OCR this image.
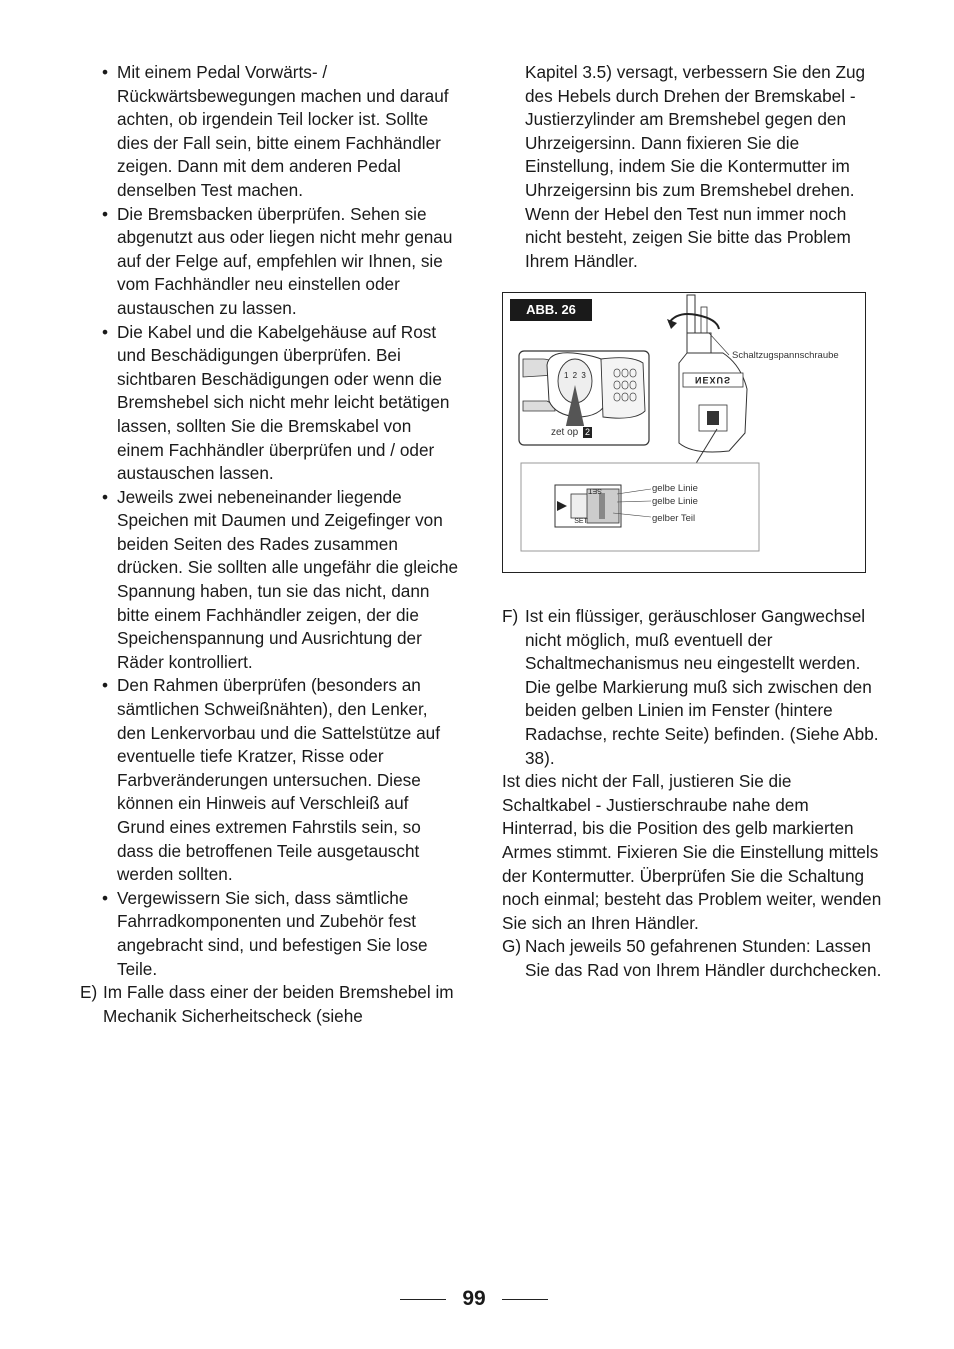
• Mit einem Pedal Vorwärts- / Rückwärtsbewegungen machen und darauf achten, ob irgendein Teil locker ist. Sollte dies der Fall sein, bitte einem Fachhändler zeigen. Dann mit dem anderen Pedal denselben Test machen.
• Die Bremsbacken überprüfen. Sehen sie abgenutzt aus oder liegen nicht mehr genau auf der Felge auf, empfehlen wir Ihnen, sie vom Fachhändler neu einstellen oder austauschen zu lassen.
• Die Kabel und die Kabelgehäuse auf Rost und Beschädigungen überprüfen. Bei sichtbaren Beschädigungen oder wenn die Bremshebel sich nicht mehr leicht betätigen lassen, sollten Sie die Bremskabel von einem Fachhändler überprüfen und / oder austauschen lassen.
• Jeweils zwei nebeneinander liegende Speichen mit Daumen und Zeigefinger von beiden Seiten des Rades zusammen drücken. Sie sollten alle ungefähr die gleiche Spannung haben, tun sie das nicht, dann bitte einem Fachhändler zeigen, der die Speichenspannung und Ausrichtung der Räder kontrolliert.
• Den Rahmen überprüfen (besonders an sämtlichen Schweißnähten), den Lenker, den Lenkervorbau und die Sattelstütze auf eventuelle tiefe Kratzer, Risse oder Farbveränderungen untersuchen. Diese können ein Hinweis auf Verschleiß auf Grund eines extremen Fahrstils sein, so dass die betroffenen Teile ausgetauscht werden sollten.
• Vergewissern Sie sich, dass sämtliche Fahrradkomponenten und Zubehör fest angebracht sind, und befestigen Sie lose Teile.
E) Im Falle dass einer der beiden Bremshebel im Mechanik Sicherheitscheck (siehe
Kapitel 3.5) versagt, verbessern Sie den Zug des Hebels durch Drehen der Bremskabel - Justierzylinder am Bremshebel gegen den Uhrzeigersinn. Dann fixieren Sie die Einstellung, indem Sie die Kontermutter im Uhrzeigersinn bis zum Bremshebel drehen. Wenn der Hebel den Test nun immer noch nicht besteht, zeigen Sie bitte das Problem Ihrem Händler.
ABB. 26
Schaltzugspannschraube
zet op 2
1 2 3	NEXUS
SET
SET
gelbe Linie
gelbe Linie
gelber Teil
F) Ist ein flüssiger, geräuschloser Gangwechsel nicht möglich, muß eventuell der Schaltmechanismus neu eingestellt werden.
Die gelbe Markierung muß sich zwischen den beiden gelben Linien im Fenster (hintere Radachse, rechte Seite) befinden. (Siehe Abb. 38).
Ist dies nicht der Fall, justieren Sie die Schaltkabel - Justierschraube nahe dem Hinterrad, bis die Position des gelb markierten Armes stimmt. Fixieren Sie die Einstellung mittels der Kontermutter. Überprüfen Sie die Schaltung noch einmal; besteht das Problem weiter, wenden Sie sich an Ihren Händler.
G) Nach jeweils 50 gefahrenen Stunden: Lassen Sie das Rad von Ihrem Händler durchchecken.
99
